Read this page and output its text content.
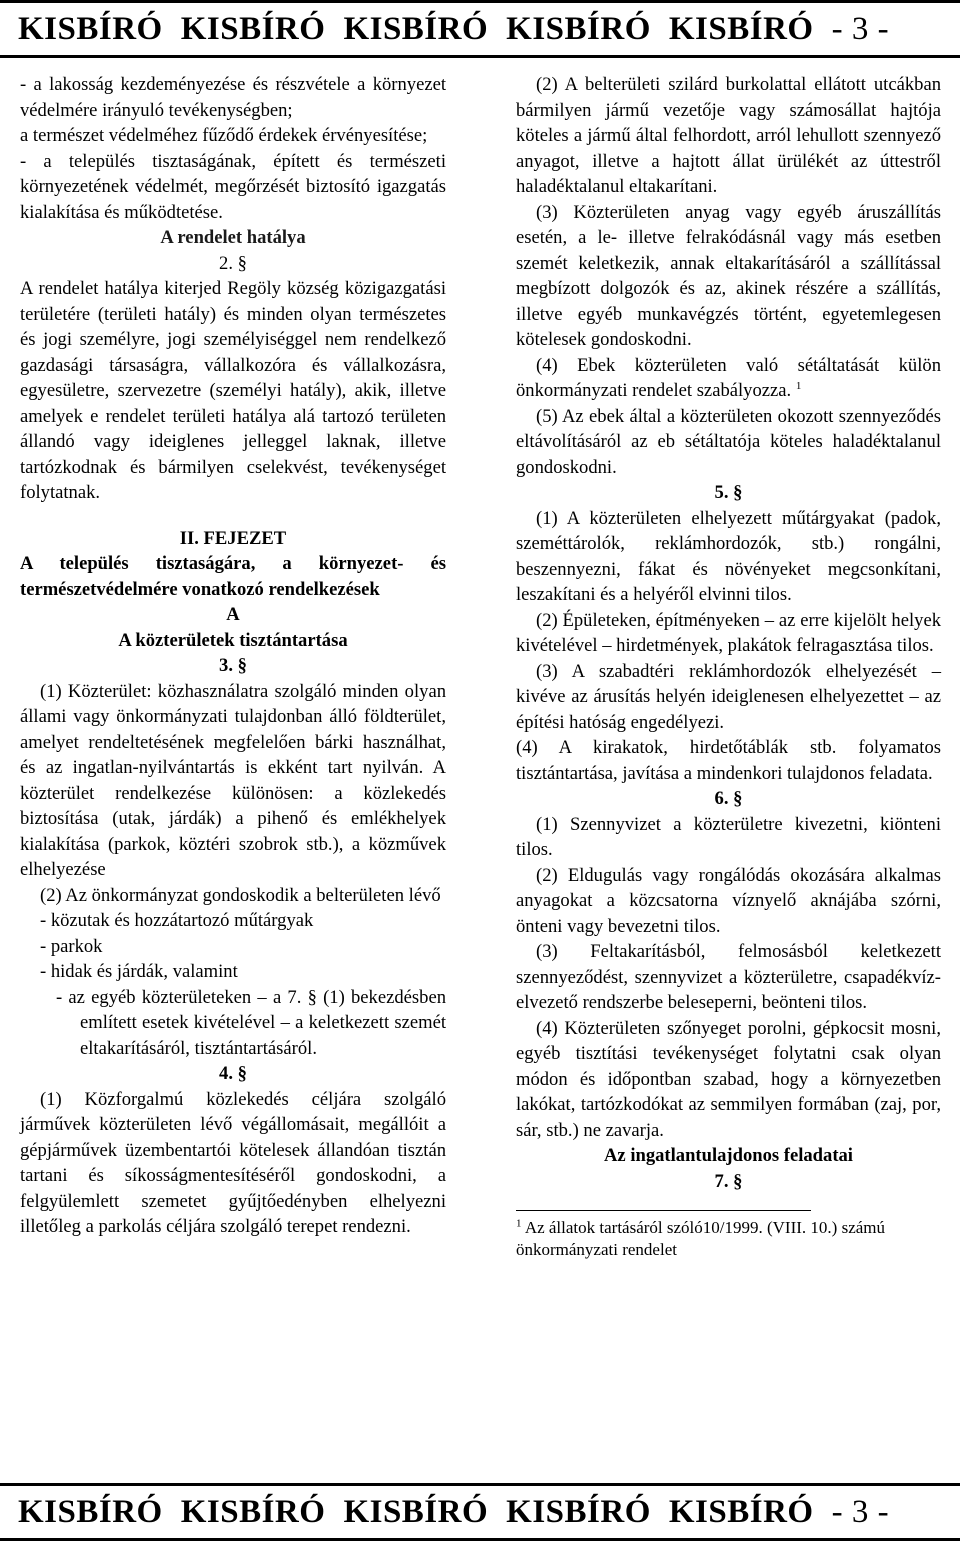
KISBÍRÓ KISBÍRÓ KISBÍRÓ KISBÍRÓ KISBÍRÓ - 3 -

- a lakosság kezdeményezése és részvétele a környezet védelmére irányuló tevékenységben;

a természet védelméhez fűződő érdekek érvényesítése;

- a település tisztaságának, épített és természeti környezetének védelmét, megőrzését biztosító igazgatás kialakítása és működtetése.

A rendelet hatálya

2. §

A rendelet hatálya kiterjed Regöly község közigazgatási területére (területi hatály) és minden olyan természetes és jogi személyre, jogi személyiséggel nem rendelkező gazdasági társaságra, vállalkozóra és vállalkozásra, egyesületre, szervezetre (személyi hatály), akik, illetve amelyek e rendelet területi hatálya alá tartozó területen állandó vagy ideiglenes jelleggel laknak, illetve tartózkodnak és bármilyen cselekvést, tevékenységet folytatnak.

II. FEJEZET

A település tisztaságára, a környezet- és természetvédelmére vonatkozó rendelkezések

A

A közterületek tisztántartása

3. §

(1) Közterület: közhasználatra szolgáló minden olyan állami vagy önkormányzati tulajdonban álló földterület, amelyet rendeltetésének megfelelően bárki használhat, és az ingatlan-nyilvántartás is ekként tart nyilván. A közterület rendelkezése különösen: a közlekedés biztosítása (utak, járdák) a pihenő és emlékhelyek kialakítása (parkok, köztéri szobrok stb.), a közművek elhelyezése

(2) Az önkormányzat gondoskodik a belterületen lévő

- közutak és hozzátartozó műtárgyak

- parkok

- hidak és járdák, valamint

- az egyéb közterületeken – a 7. § (1) bekezdésben említett esetek kivételével – a keletkezett szemét eltakarításáról, tisztántartásáról.

4. §

(1) Közforgalmú közlekedés céljára szolgáló járművek közterületen lévő végállomásait, megállóit a gépjárművek üzembentartói kötelesek állandóan tisztán tartani és síkosságmentesítéséről gondoskodni, a felgyülemlett szemetet gyűjtőedényben elhelyezni illetőleg a parkolás céljára szolgáló terepet rendezni.

(2) A belterületi szilárd burkolattal ellátott utcákban bármilyen jármű vezetője vagy számosállat hajtója köteles a jármű által felhordott, arról lehullott szennyező anyagot, illetve a hajtott állat ürülékét az úttestről haladéktalanul eltakarítani.

(3) Közterületen anyag vagy egyéb áruszállítás esetén, a le- illetve felrakódásnál vagy más esetben szemét keletkezik, annak eltakarításáról a szállítással megbízott dolgozók és az, akinek részére a szállítás, illetve egyéb munkavégzés történt, egyetemlegesen kötelesek gondoskodni.

(4) Ebek közterületen való sétáltatását külön önkormányzati rendelet szabályozza. $^1$

(5) Az ebek által a közterületen okozott szennyeződés eltávolításáról az eb sétáltatója köteles haladéktalanul gondoskodni.

5. §

(1) A közterületen elhelyezett műtárgyakat (padok, szeméttárolók, reklámhordozók, stb.) rongálni, beszennyezni, fákat és növényeket megcsonkítani, leszakítani és a helyéről elvinni tilos.

(2) Épületeken, építményeken – az erre kijelölt helyek kivételével – hirdetmények, plakátok felragasztása tilos.

(3) A szabadtéri reklámhordozók elhelyezését – kivéve az árusítás helyén ideiglenesen elhelyezettet – az építési hatóság engedélyezi.

(4) A kirakatok, hirdetőtáblák stb. folyamatos tisztántartása, javítása a mindenkori tulajdonos feladata.

6. §

(1) Szennyvizet a közterületre kivezetni, kiönteni tilos.

(2) Eldugulás vagy rongálódás okozására alkalmas anyagokat a közcsatorna víznyelő aknájába szórni, önteni vagy bevezetni tilos.

(3) Feltakarításból, felmosásból keletkezett szennyeződést, szennyvizet a közterületre, csapadékvíz-elvezető rendszerbe beleseperni, beönteni tilos.

(4) Közterületen szőnyeget porolni, gépkocsit mosni, egyéb tisztítási tevékenységet folytatni csak olyan módon és időpontban szabad, hogy a környezetben lakókat, tartózkodókat az semmilyen formában (zaj, por, sár, stb.) ne zavarja.

Az ingatlantulajdonos feladatai

7. §

$^1$ Az állatok tartásáról szóló10/1999. (VIII. 10.) számú önkormányzati rendelet

KISBÍRÓ KISBÍRÓ KISBÍRÓ KISBÍRÓ KISBÍRÓ - 3 -
